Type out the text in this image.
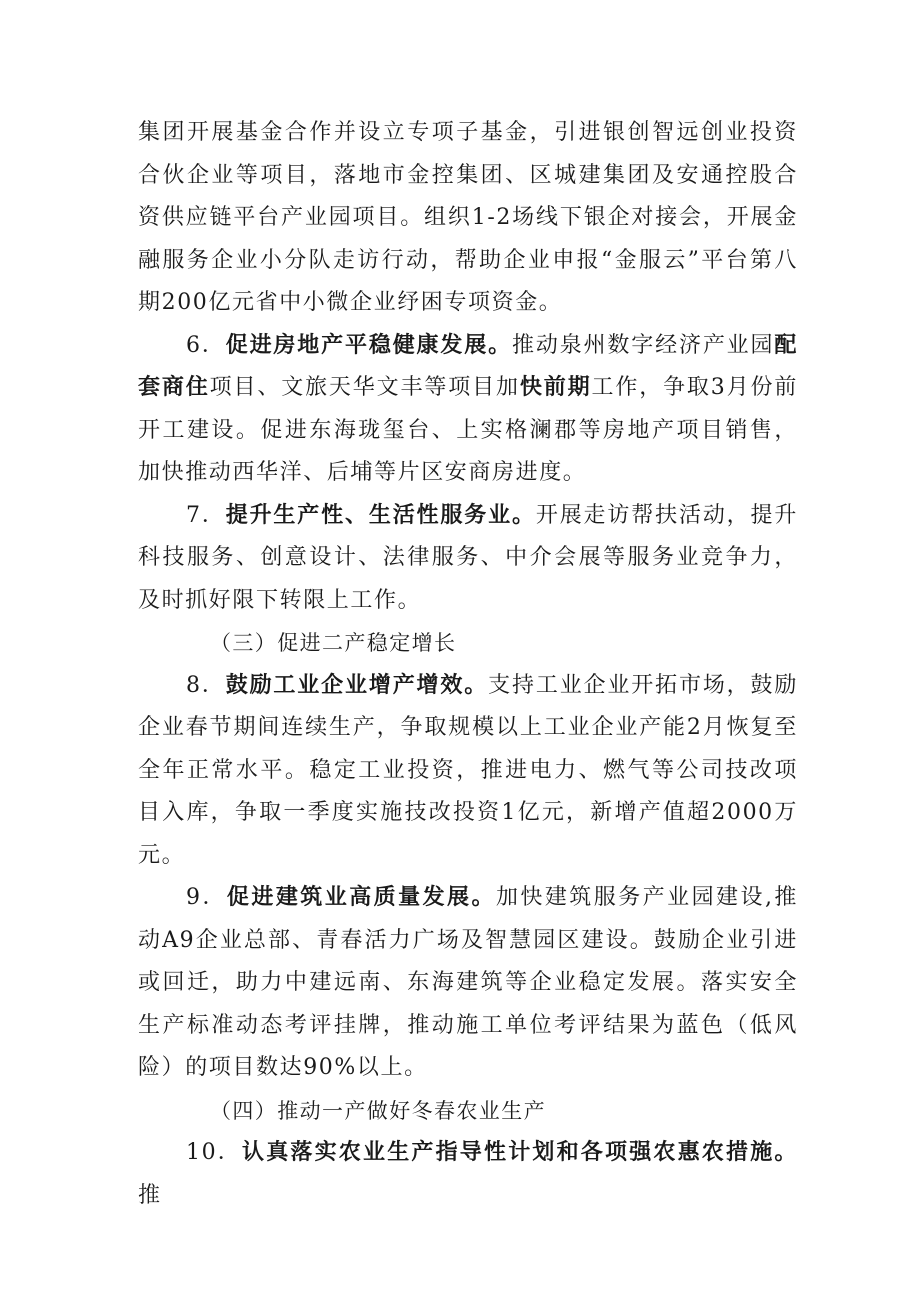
集团开展基金合作并设立专项子基金，引进银创智远创业投资合伙企业等项目，落地市金控集团、区城建集团及安通控股合资供应链平台产业园项目。组织1-2场线下银企对接会，开展金融服务企业小分队走访行动，帮助企业申报“金服云”平台第八期200亿元省中小微企业纾困专项资金。

6．促进房地产平稳健康发展。推动泉州数字经济产业园配套商住项目、文旅天华文丰等项目加快前期工作，争取3月份前开工建设。促进东海珑玺台、上实格澜郡等房地产项目销售，加快推动西华洋、后埔等片区安商房进度。

7．提升生产性、生活性服务业。开展走访帮扶活动，提升科技服务、创意设计、法律服务、中介会展等服务业竞争力，及时抓好限下转限上工作。

（三）促进二产稳定增长

8．鼓励工业企业增产增效。支持工业企业开拓市场，鼓励企业春节期间连续生产，争取规模以上工业企业产能2月恢复至全年正常水平。稳定工业投资，推进电力、燃气等公司技改项目入库，争取一季度实施技改投资1亿元，新增产值超2000万元。

9．促进建筑业高质量发展。加快建筑服务产业园建设,推动A9企业总部、青春活力广场及智慧园区建设。鼓励企业引进或回迁，助力中建远南、东海建筑等企业稳定发展。落实安全生产标准动态考评挂牌，推动施工单位考评结果为蓝色（低风险）的项目数达90%以上。

（四）推动一产做好冬春农业生产

10．认真落实农业生产指导性计划和各项强农惠农措施。推
